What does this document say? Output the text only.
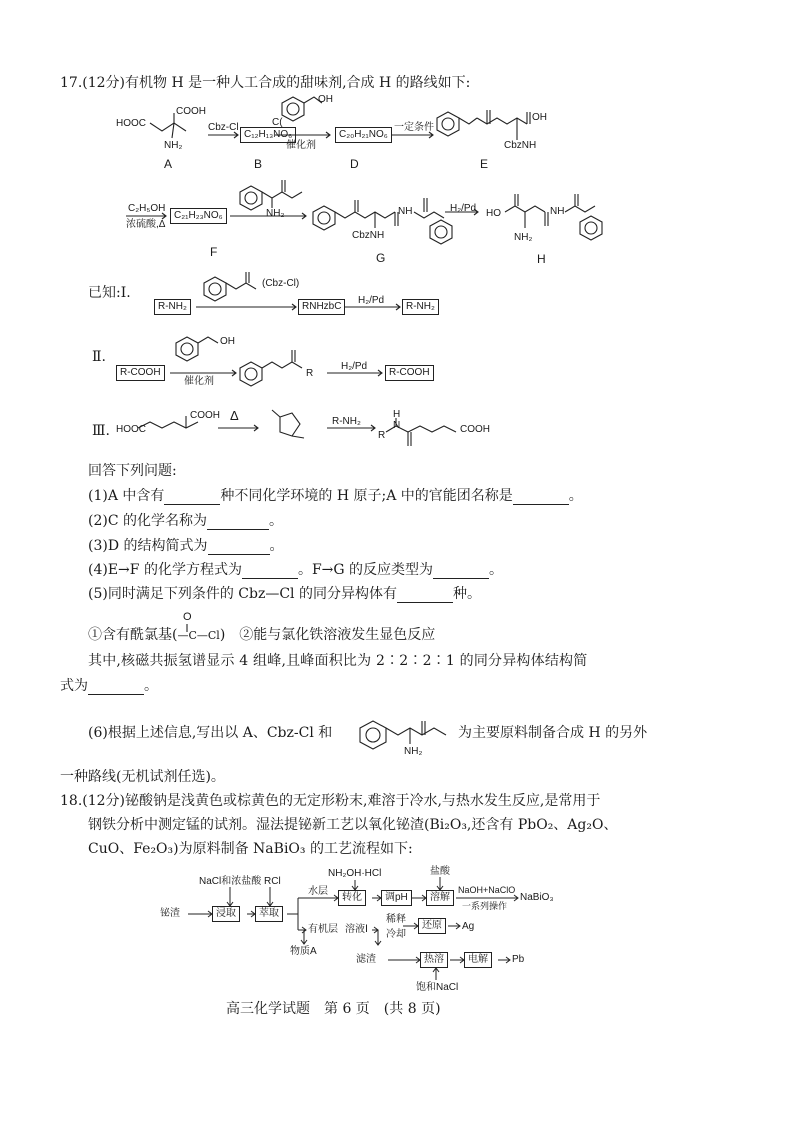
17.(12分)有机物 H 是一种人工合成的甜味剂,合成 H 的路线如下:
HOOC
COOH
NH₂
A
Cbz-Cl
C₁₂H₁₃NO₆
B
C(
OH
催化剂
C₂₀H₂₁NO₆
D
一定条件
OH
CbzNH
E
C₂H₅OH
浓硫酸,Δ
C₂₁H₂₃NO₆
F
NH₂	NH
CbzNH
G
H₂/Pd HO
NH₂
NH
H
已知:Ⅰ.
R-NH₂
(Cbz-Cl)
RNHzbC
H₂/Pd
R-NH₂
Ⅱ.
R-COOH
OH
催化剂
R
H₂/Pd
R-COOH
Ⅲ. HOOC
COOH Δ	R-NH₂
R
N
H
COOH
回答下列问题:
(1)A 中含有	种不同化学环境的 H 原子;A 中的官能团名称是	。
(2)C 的化学名称为	。
(3)D 的结构简式为	。
(4)E→F 的化学方程式为	。F→G 的反应类型为	。
(5)同时满足下列条件的 Cbz—Cl 的同分异构体有	种。
O
①含有酰氯基(—C—Cl) ②能与氯化铁溶液发生显色反应
其中,核磁共振氢谱显示 4 组峰,且峰面积比为 2∶2∶2∶1 的同分异构体结构简
式为	。
(6)根据上述信息,写出以 A、Cbz-Cl 和
NH₂
为主要原料制备合成 H 的另外
一种路线(无机试剂任选)。
18.(12分)铋酸钠是浅黄色或棕黄色的无定形粉末,难溶于冷水,与热水发生反应,是常用于
钢铁分析中测定锰的试剂。湿法提铋新工艺以氧化铋渣(Bi₂O₃,还含有 PbO₂、Ag₂O、
CuO、Fe₂O₃)为原料制备 NaBiO₃ 的工艺流程如下:
铋渣
NaCl和浓盐酸
浸取
RCl
萃取
水层
NH₂OH·HCl
转化	调pH
盐酸
溶解
NaOH+NaClO
一系列操作
NaBiO₃
有机层 溶液Ⅰ
稀释
冷却
还原	Ag
物质A
滤渣	热溶	电解	Pb
饱和NaCl
高三化学试题　第 6 页　(共 8 页)
